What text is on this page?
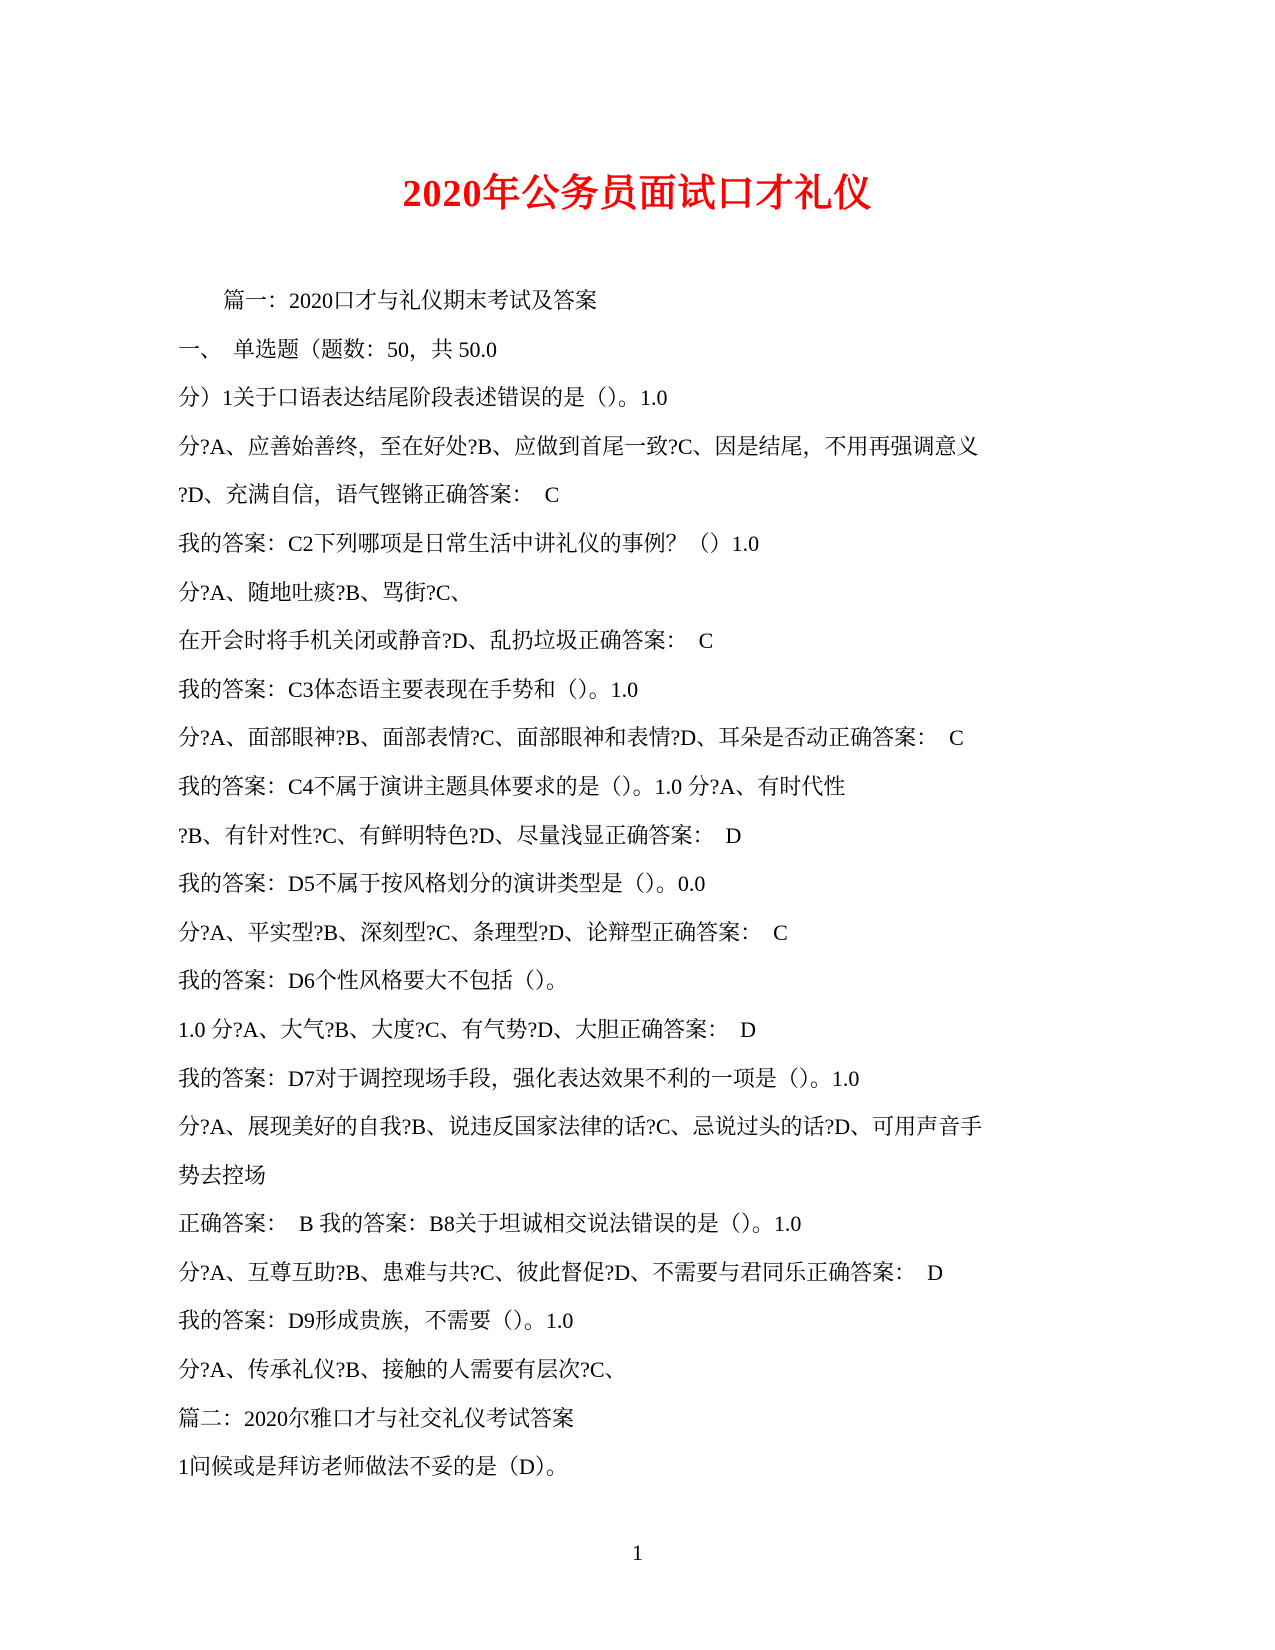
2020年公务员面试口才礼仪
篇一：2020口才与礼仪期末考试及答案
一、　单选题（题数：50，共 50.0
分）1关于口语表达结尾阶段表述错误的是（）。1.0
分?A、应善始善终，至在好处?B、应做到首尾一致?C、因是结尾，不用再强调意义
?D、充满自信，语气铿锵正确答案：  C
我的答案：C2下列哪项是日常生活中讲礼仪的事例？（）1.0
分?A、随地吐痰?B、骂街?C、
在开会时将手机关闭或静音?D、乱扔垃圾正确答案：  C
我的答案：C3体态语主要表现在手势和（）。1.0
分?A、面部眼神?B、面部表情?C、面部眼神和表情?D、耳朵是否动正确答案：  C
我的答案：C4不属于演讲主题具体要求的是（）。1.0 分?A、有时代性
?B、有针对性?C、有鲜明特色?D、尽量浅显正确答案：  D
我的答案：D5不属于按风格划分的演讲类型是（）。0.0
分?A、平实型?B、深刻型?C、条理型?D、论辩型正确答案：  C
我的答案：D6个性风格要大不包括（）。
1.0 分?A、大气?B、大度?C、有气势?D、大胆正确答案：  D
我的答案：D7对于调控现场手段，强化表达效果不利的一项是（）。1.0
分?A、展现美好的自我?B、说违反国家法律的话?C、忌说过头的话?D、可用声音手
势去控场
正确答案：  B 我的答案：B8关于坦诚相交说法错误的是（）。1.0
分?A、互尊互助?B、患难与共?C、彼此督促?D、不需要与君同乐正确答案：  D
我的答案：D9形成贵族，不需要（）。1.0
分?A、传承礼仪?B、接触的人需要有层次?C、
篇二：2020尔雅口才与社交礼仪考试答案
1问候或是拜访老师做法不妥的是（D）。
1
